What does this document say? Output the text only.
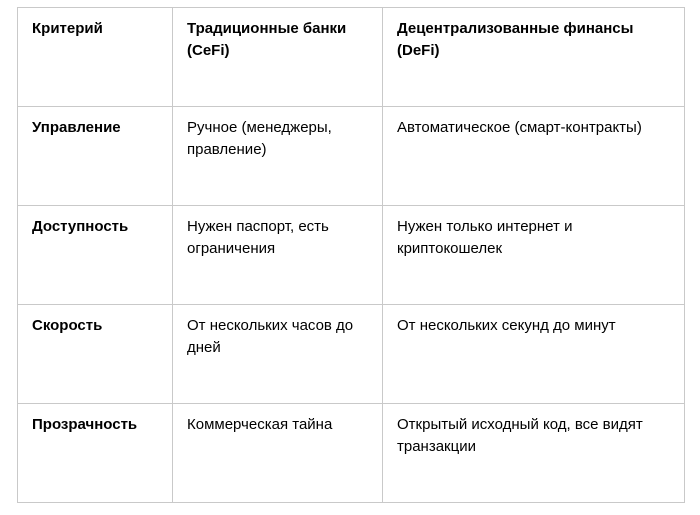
Критерий	Традиционные банки (CeFi)	Децентрализованные финансы (DeFi)
Управление	Ручное (менеджеры, правление)	Автоматическое (смарт-контракты)
Доступность	Нужен паспорт, есть ограничения	Нужен только интернет и криптокошелек
Скорость	От нескольких часов до дней	От нескольких секунд до минут
Прозрачность	Коммерческая тайна	Открытый исходный код, все видят транзакции
